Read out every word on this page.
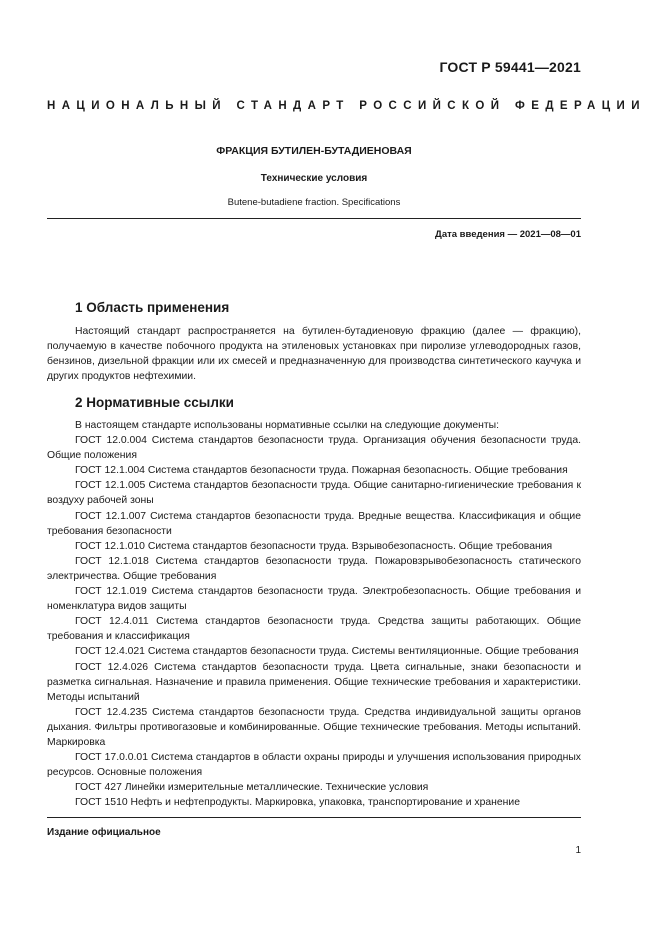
ГОСТ Р 59441—2021
НАЦИОНАЛЬНЫЙ СТАНДАРТ РОССИЙСКОЙ ФЕДЕРАЦИИ
ФРАКЦИЯ БУТИЛЕН-БУТАДИЕНОВАЯ
Технические условия
Butene-butadiene fraction. Specifications
Дата введения — 2021—08—01
1 Область применения

Настоящий стандарт распространяется на бутилен-бутадиеновую фракцию (далее — фракцию), получаемую в качестве побочного продукта на этиленовых установках при пиролизе углеводородных газов, бензинов, дизельной фракции или их смесей и предназначенную для производства синтетического каучука и других продуктов нефтехимии.

2 Нормативные ссылки

В настоящем стандарте использованы нормативные ссылки на следующие документы:

ГОСТ 12.0.004 Система стандартов безопасности труда. Организация обучения безопасности труда. Общие положения

ГОСТ 12.1.004 Система стандартов безопасности труда. Пожарная безопасность. Общие требования

ГОСТ 12.1.005 Система стандартов безопасности труда. Общие санитарно-гигиенические требования к воздуху рабочей зоны

ГОСТ 12.1.007 Система стандартов безопасности труда. Вредные вещества. Классификация и общие требования безопасности

ГОСТ 12.1.010 Система стандартов безопасности труда. Взрывобезопасность. Общие требования

ГОСТ 12.1.018 Система стандартов безопасности труда. Пожаровзрывобезопасность статического электричества. Общие требования

ГОСТ 12.1.019 Система стандартов безопасности труда. Электробезопасность. Общие требования и номенклатура видов защиты

ГОСТ 12.4.011 Система стандартов безопасности труда. Средства защиты работающих. Общие требования и классификация

ГОСТ 12.4.021 Система стандартов безопасности труда. Системы вентиляционные. Общие требования

ГОСТ 12.4.026 Система стандартов безопасности труда. Цвета сигнальные, знаки безопасности и разметка сигнальная. Назначение и правила применения. Общие технические требования и характеристики. Методы испытаний

ГОСТ 12.4.235 Система стандартов безопасности труда. Средства индивидуальной защиты органов дыхания. Фильтры противогазовые и комбинированные. Общие технические требования. Методы испытаний. Маркировка

ГОСТ 17.0.0.01 Система стандартов в области охраны природы и улучшения использования природных ресурсов. Основные положения

ГОСТ 427 Линейки измерительные металлические. Технические условия

ГОСТ 1510 Нефть и нефтепродукты. Маркировка, упаковка, транспортирование и хранение

Издание официальное
1
